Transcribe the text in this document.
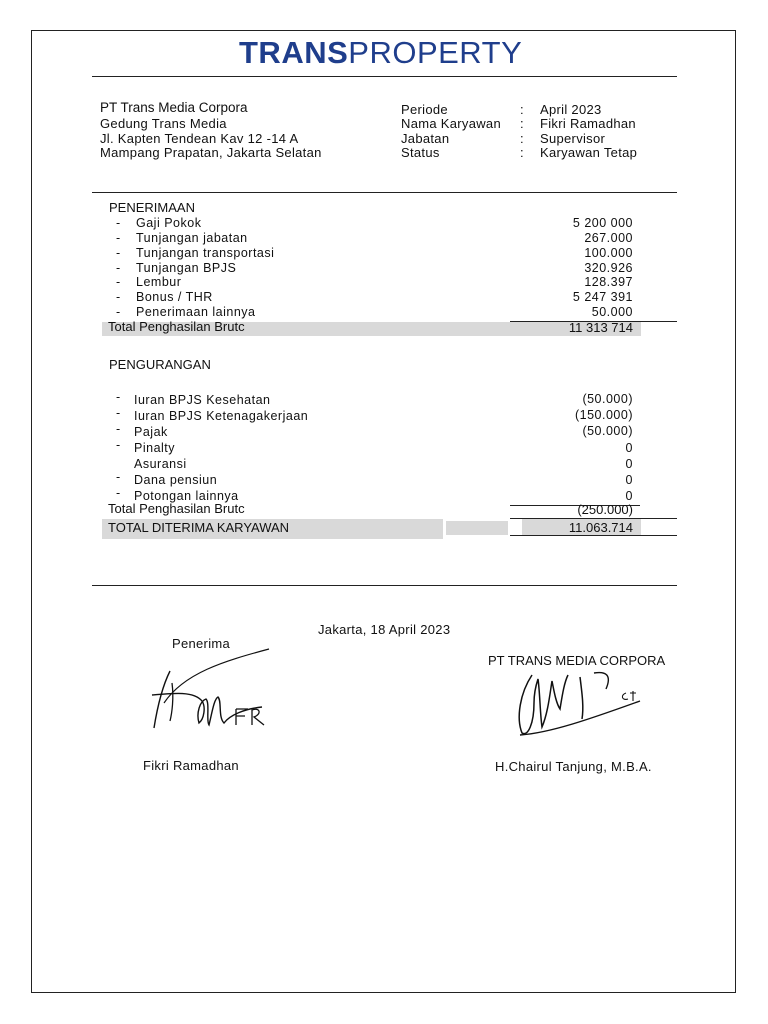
TRANSPROPERTY
PT Trans Media Corpora
Gedung Trans Media
Jl. Kapten Tendean Kav 12 -14 A
Mampang Prapatan, Jakarta Selatan
Periode	: April 2023
Nama Karyawan : Fikri Ramadhan
Jabatan	: Supervisor
Status	: Karyawan Tetap
PENERIMAAN
- Gaji Pokok	5 200 000
- Tunjangan jabatan	267.000
- Tunjangan transportasi	100.000
- Tunjangan BPJS	320.926
- Lembur	128.397
- Bonus / THR	5 247 391
- Penerimaan lainnya	50.000
Total Penghasilan Brutc	11 313 714
PENGURANGAN
- Iuran BPJS Kesehatan	(50.000)
- Iuran BPJS Ketenagakerjaan	(150.000)
- Pajak	(50.000)
- Pinalty	0
Asuransi	0
- Dana pensiun	0
- Potongan lainnya	0
Total Penghasilan Brutc	(250.000)
TOTAL DITERIMA KARYAWAN	11.063.714
Jakarta, 18 April 2023
Penerima
PT TRANS MEDIA CORPORA
Fikri Ramadhan	H.Chairul Tanjung, M.B.A.
